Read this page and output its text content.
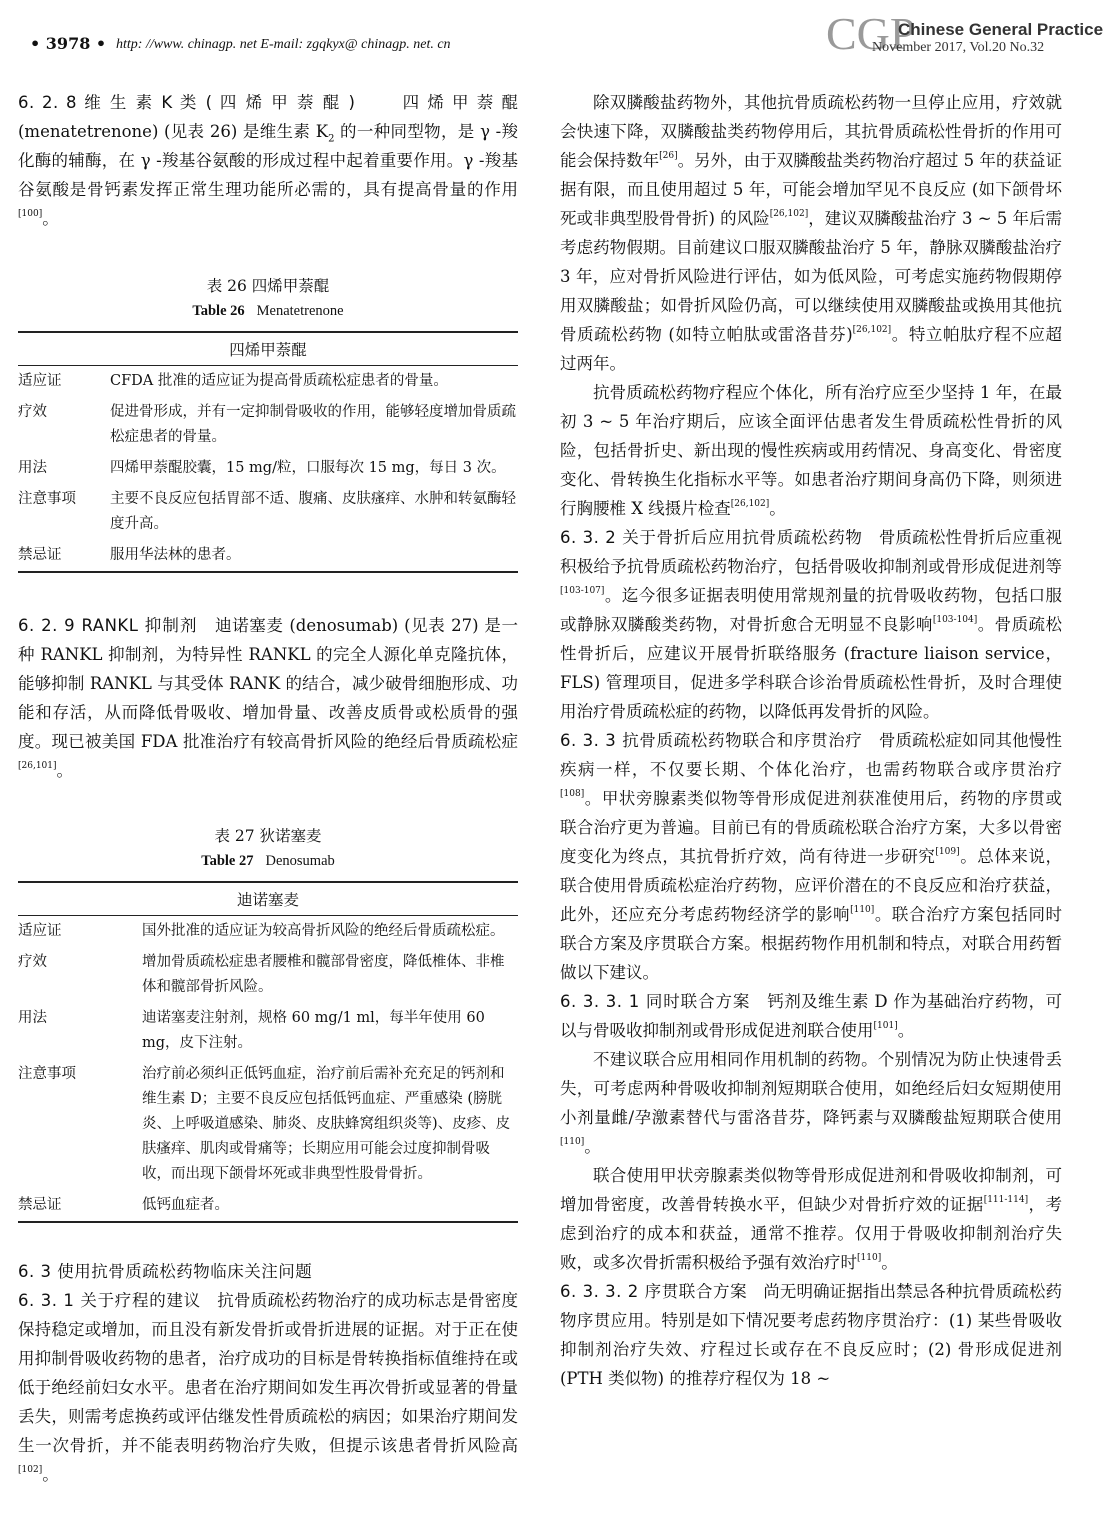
• 3978 • http: //www. chinagp. net E-mail: zgqkyx@ chinagp. net. cn	CGP
Chinese General Practice
November 2017, Vol.20 No.32

6. 2. 8 维 生 素 K 类 ( 四 烯 甲 萘 醌 )	四 烯 甲 萘 醌(menatetrenone) (见表 26) 是维生素 $K_2$ 的一种同型物，是 γ -羧化酶的辅酶，在 γ -羧基谷氨酸的形成过程中起着重要作用。γ -羧基谷氨酸是骨钙素发挥正常生理功能所必需的，具有提高骨量的作用[100]。

表 26 四烯甲萘醌
Table 26 Menatetrenone
四烯甲萘醌	
适应证	CFDA 批准的适应证为提高骨质疏松症患者的骨量。
疗效	促进骨形成，并有一定抑制骨吸收的作用，能够轻度增加骨质疏松症患者的骨量。
用法	四烯甲萘醌胶囊，15 mg/粒，口服每次 15 mg，每日 3 次。
注意事项	主要不良反应包括胃部不适、腹痛、皮肤瘙痒、水肿和转氨酶轻度升高。
禁忌证	服用华法林的患者。

6. 2. 9 RANKL 抑制剂 迪诺塞麦 (denosumab) (见表 27) 是一种 RANKL 抑制剂，为特异性 RANKL 的完全人源化单克隆抗体，能够抑制 RANKL 与其受体 RANK 的结合，减少破骨细胞形成、功能和存活，从而降低骨吸收、增加骨量、改善皮质骨或松质骨的强度。现已被美国 FDA 批准治疗有较高骨折风险的绝经后骨质疏松症[26,101]。

表 27 狄诺塞麦
Table 27 Denosumab
迪诺塞麦	
适应证	国外批准的适应证为较高骨折风险的绝经后骨质疏松症。
疗效	增加骨质疏松症患者腰椎和髋部骨密度，降低椎体、非椎体和髋部骨折风险。
用法	迪诺塞麦注射剂，规格 60 mg/1 ml，每半年使用 60 mg，皮下注射。
注意事项	治疗前必须纠正低钙血症，治疗前后需补充充足的钙剂和维生素 D；主要不良反应包括低钙血症、严重感染 (膀胱炎、上呼吸道感染、肺炎、皮肤蜂窝组织炎等)、皮疹、皮肤瘙痒、肌肉或骨痛等；长期应用可能会过度抑制骨吸收，而出现下颌骨坏死或非典型性股骨骨折。
禁忌证	低钙血症者。

6. 3 使用抗骨质疏松药物临床关注问题

6. 3. 1 关于疗程的建议 抗骨质疏松药物治疗的成功标志是骨密度保持稳定或增加，而且没有新发骨折或骨折进展的证据。对于正在使用抑制骨吸收药物的患者，治疗成功的目标是骨转换指标值维持在或低于绝经前妇女水平。患者在治疗期间如发生再次骨折或显著的骨量丢失，则需考虑换药或评估继发性骨质疏松的病因；如果治疗期间发生一次骨折，并不能表明药物治疗失败，但提示该患者骨折风险高[102]。

除双膦酸盐药物外，其他抗骨质疏松药物一旦停止应用，疗效就会快速下降，双膦酸盐类药物停用后，其抗骨质疏松性骨折的作用可能会保持数年[26]。另外，由于双膦酸盐类药物治疗超过 5 年的获益证据有限，而且使用超过 5 年，可能会增加罕见不良反应 (如下颌骨坏死或非典型股骨骨折) 的风险[26,102]，建议双膦酸盐治疗 3 ~ 5 年后需考虑药物假期。目前建议口服双膦酸盐治疗 5 年，静脉双膦酸盐治疗 3 年，应对骨折风险进行评估，如为低风险，可考虑实施药物假期停用双膦酸盐；如骨折风险仍高，可以继续使用双膦酸盐或换用其他抗骨质疏松药物 (如特立帕肽或雷洛昔芬)[26,102]。特立帕肽疗程不应超过两年。

抗骨质疏松药物疗程应个体化，所有治疗应至少坚持 1 年，在最初 3 ~ 5 年治疗期后，应该全面评估患者发生骨质疏松性骨折的风险，包括骨折史、新出现的慢性疾病或用药情况、身高变化、骨密度变化、骨转换生化指标水平等。如患者治疗期间身高仍下降，则须进行胸腰椎 X 线摄片检查[26,102]。

6. 3. 2 关于骨折后应用抗骨质疏松药物 骨质疏松性骨折后应重视积极给予抗骨质疏松药物治疗，包括骨吸收抑制剂或骨形成促进剂等[103-107]。迄今很多证据表明使用常规剂量的抗骨吸收药物，包括口服或静脉双膦酸类药物，对骨折愈合无明显不良影响[103-104]。骨质疏松性骨折后，应建议开展骨折联络服务 (fracture liaison service，FLS) 管理项目，促进多学科联合诊治骨质疏松性骨折，及时合理使用治疗骨质疏松症的药物，以降低再发骨折的风险。

6. 3. 3 抗骨质疏松药物联合和序贯治疗 骨质疏松症如同其他慢性疾病一样，不仅要长期、个体化治疗，也需药物联合或序贯治疗[108]。甲状旁腺素类似物等骨形成促进剂获准使用后，药物的序贯或联合治疗更为普遍。目前已有的骨质疏松联合治疗方案，大多以骨密度变化为终点，其抗骨折疗效，尚有待进一步研究[109]。总体来说，联合使用骨质疏松症治疗药物，应评价潜在的不良反应和治疗获益，此外，还应充分考虑药物经济学的影响[110]。联合治疗方案包括同时联合方案及序贯联合方案。根据药物作用机制和特点，对联合用药暂做以下建议。

6. 3. 3. 1 同时联合方案 钙剂及维生素 D 作为基础治疗药物，可以与骨吸收抑制剂或骨形成促进剂联合使用[101]。

不建议联合应用相同作用机制的药物。个别情况为防止快速骨丢失，可考虑两种骨吸收抑制剂短期联合使用，如绝经后妇女短期使用小剂量雌/孕激素替代与雷洛昔芬，降钙素与双膦酸盐短期联合使用[110]。

联合使用甲状旁腺素类似物等骨形成促进剂和骨吸收抑制剂，可增加骨密度，改善骨转换水平，但缺少对骨折疗效的证据[111-114]，考虑到治疗的成本和获益，通常不推荐。仅用于骨吸收抑制剂治疗失败，或多次骨折需积极给予强有效治疗时[110]。

6. 3. 3. 2 序贯联合方案 尚无明确证据指出禁忌各种抗骨质疏松药物序贯应用。特别是如下情况要考虑药物序贯治疗：(1) 某些骨吸收抑制剂治疗失效、疗程过长或存在不良反应时；(2) 骨形成促进剂 (PTH 类似物) 的推荐疗程仅为 18 ~
